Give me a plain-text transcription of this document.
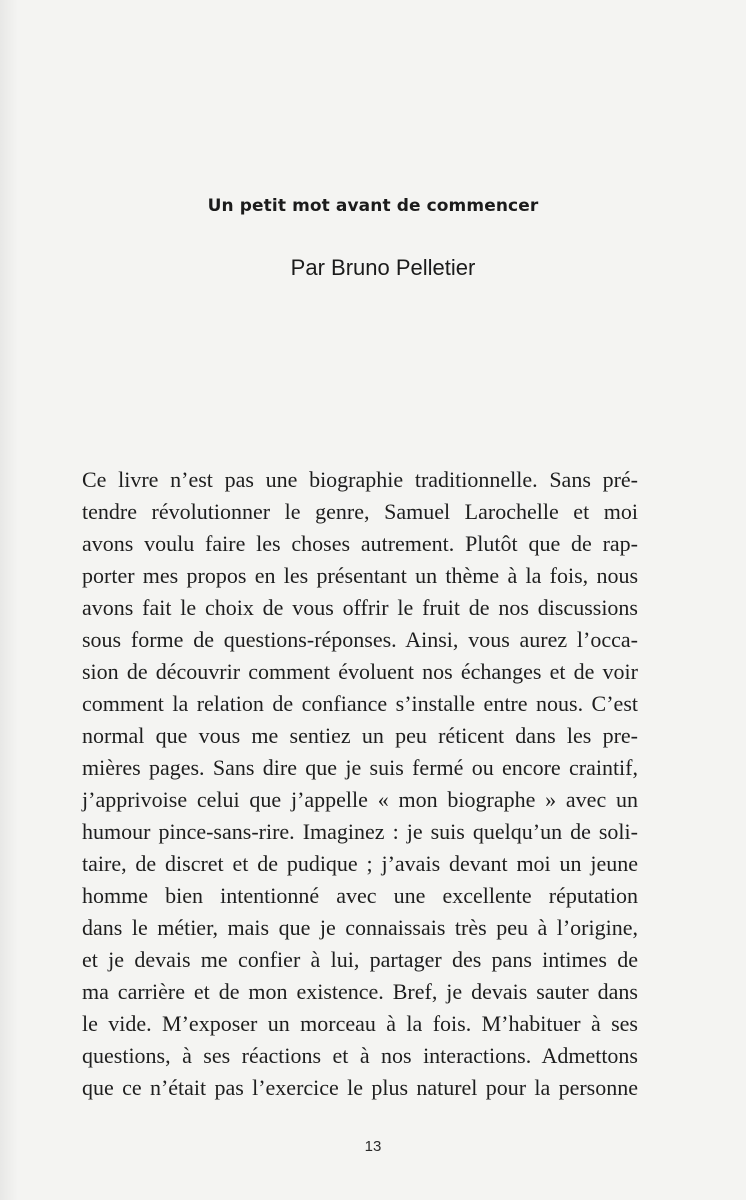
Un petit mot avant de commencer
Par Bruno Pelletier
Ce livre n’est pas une biographie traditionnelle. Sans pré-
tendre révolutionner le genre, Samuel Larochelle et moi
avons voulu faire les choses autrement. Plutôt que de rap-
porter mes propos en les présentant un thème à la fois, nous
avons fait le choix de vous offrir le fruit de nos discussions
sous forme de questions-réponses. Ainsi, vous aurez l’occa-
sion de découvrir comment évoluent nos échanges et de voir
comment la relation de confiance s’installe entre nous. C’est
normal que vous me sentiez un peu réticent dans les pre-
mières pages. Sans dire que je suis fermé ou encore craintif,
j’apprivoise celui que j’appelle « mon biographe » avec un
humour pince-sans-rire. Imaginez : je suis quelqu’un de soli-
taire, de discret et de pudique ; j’avais devant moi un jeune
homme bien intentionné avec une excellente réputation
dans le métier, mais que je connaissais très peu à l’origine,
et je devais me confier à lui, partager des pans intimes de
ma carrière et de mon existence. Bref, je devais sauter dans
le vide. M’exposer un morceau à la fois. M’habituer à ses
questions, à ses réactions et à nos interactions. Admettons
que ce n’était pas l’exercice le plus naturel pour la personne
13
